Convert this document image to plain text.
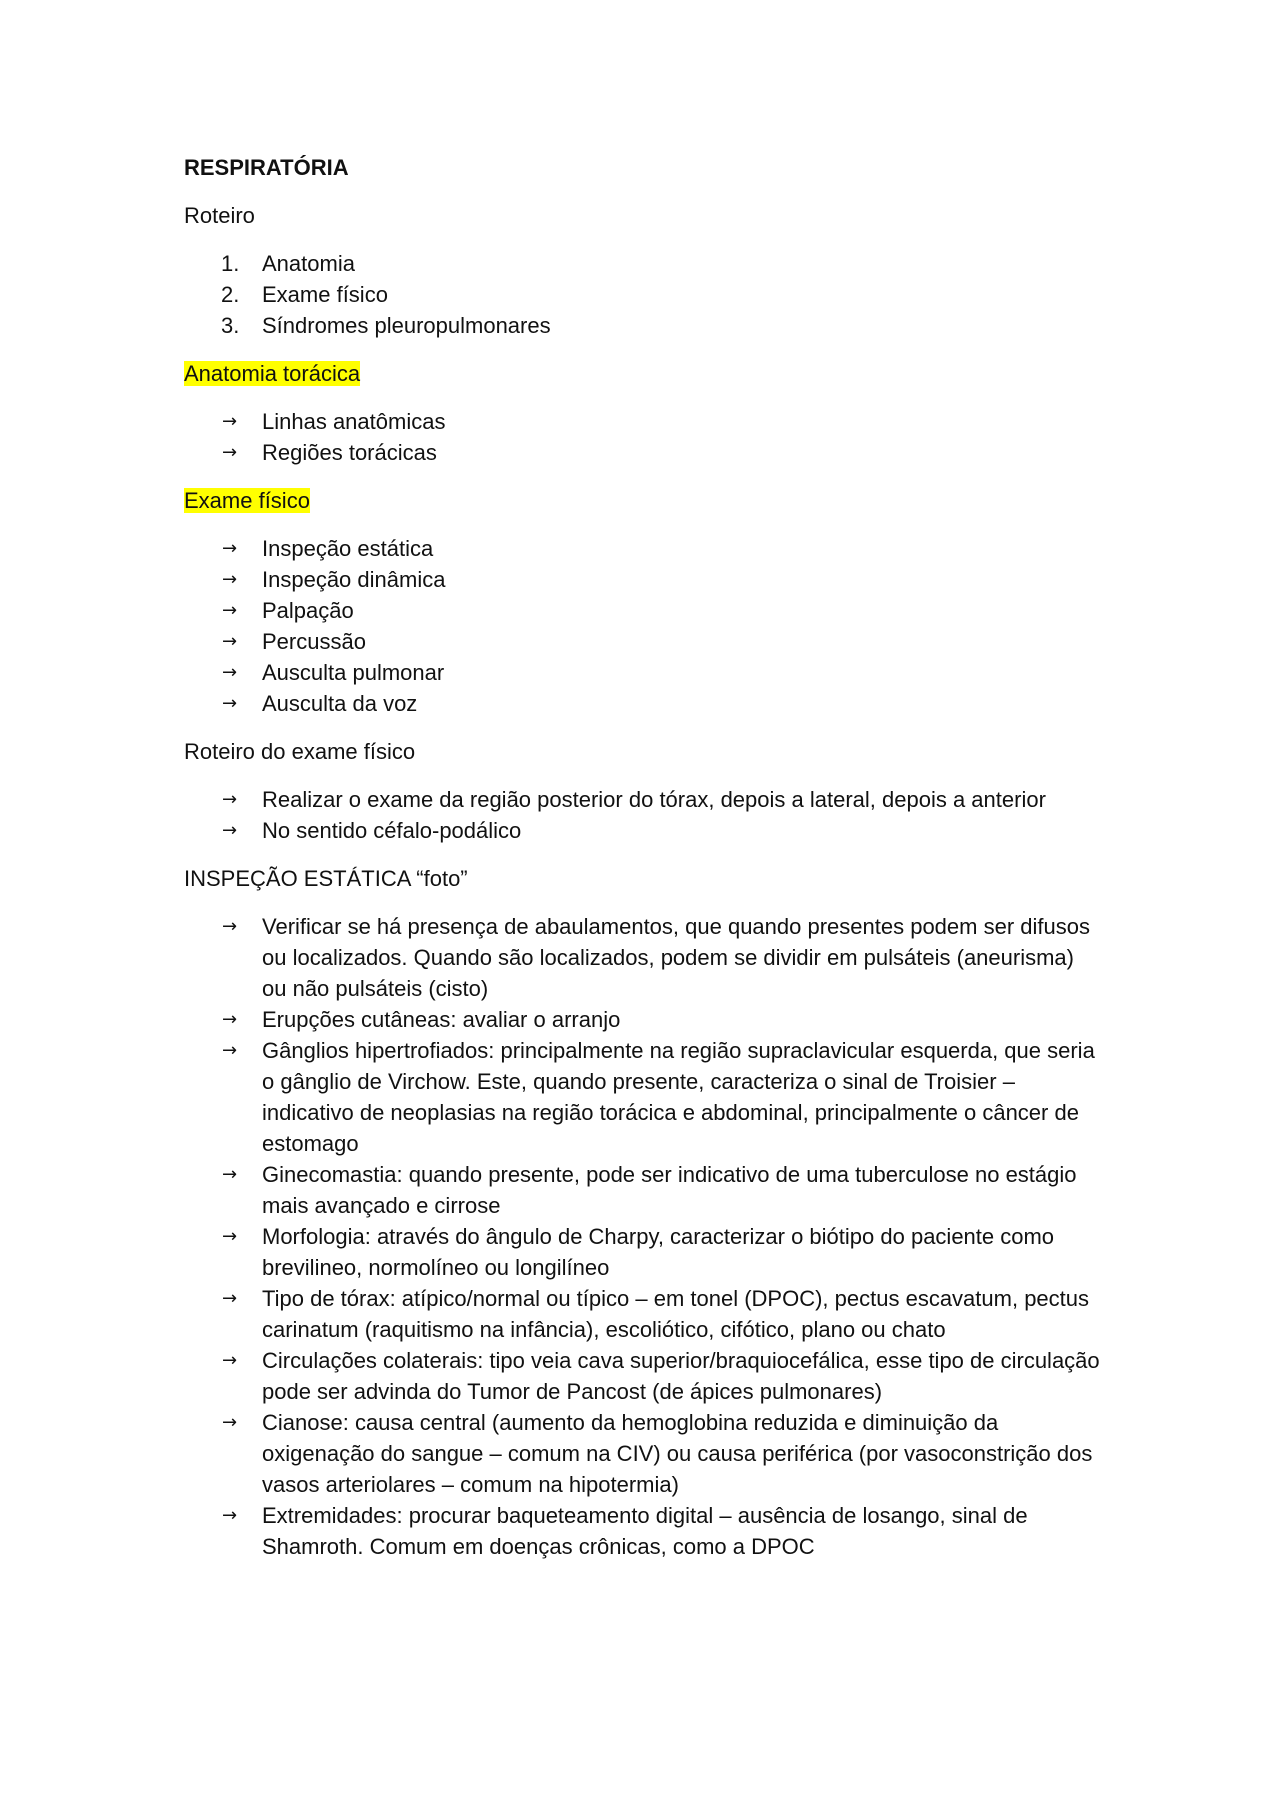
RESPIRATÓRIA

Roteiro

1. Anatomia
2. Exame físico
3. Síndromes pleuropulmonares

Anatomia torácica

→ Linhas anatômicas
→ Regiões torácicas

Exame físico

→ Inspeção estática
→ Inspeção dinâmica
→ Palpação
→ Percussão
→ Ausculta pulmonar
→ Ausculta da voz

Roteiro do exame físico

→ Realizar o exame da região posterior do tórax, depois a lateral, depois a anterior
→ No sentido céfalo-podálico

INSPEÇÃO ESTÁTICA “foto”

→ Verificar se há presença de abaulamentos, que quando presentes podem ser difusos ou localizados. Quando são localizados, podem se dividir em pulsáteis (aneurisma) ou não pulsáteis (cisto)
→ Erupções cutâneas: avaliar o arranjo
→ Gânglios hipertrofiados: principalmente na região supraclavicular esquerda, que seria o gânglio de Virchow. Este, quando presente, caracteriza o sinal de Troisier – indicativo de neoplasias na região torácica e abdominal, principalmente o câncer de estomago
→ Ginecomastia: quando presente, pode ser indicativo de uma tuberculose no estágio mais avançado e cirrose
→ Morfologia: através do ângulo de Charpy, caracterizar o biótipo do paciente como brevilineo, normolíneo ou longilíneo
→ Tipo de tórax: atípico/normal ou típico – em tonel (DPOC), pectus escavatum, pectus carinatum (raquitismo na infância), escoliótico, cifótico, plano ou chato
→ Circulações colaterais: tipo veia cava superior/braquiocefálica, esse tipo de circulação pode ser advinda do Tumor de Pancost (de ápices pulmonares)
→ Cianose: causa central (aumento da hemoglobina reduzida e diminuição da oxigenação do sangue – comum na CIV) ou causa periférica (por vasoconstrição dos vasos arteriolares – comum na hipotermia)
→ Extremidades: procurar baqueteamento digital – ausência de losango, sinal de Shamroth. Comum em doenças crônicas, como a DPOC
